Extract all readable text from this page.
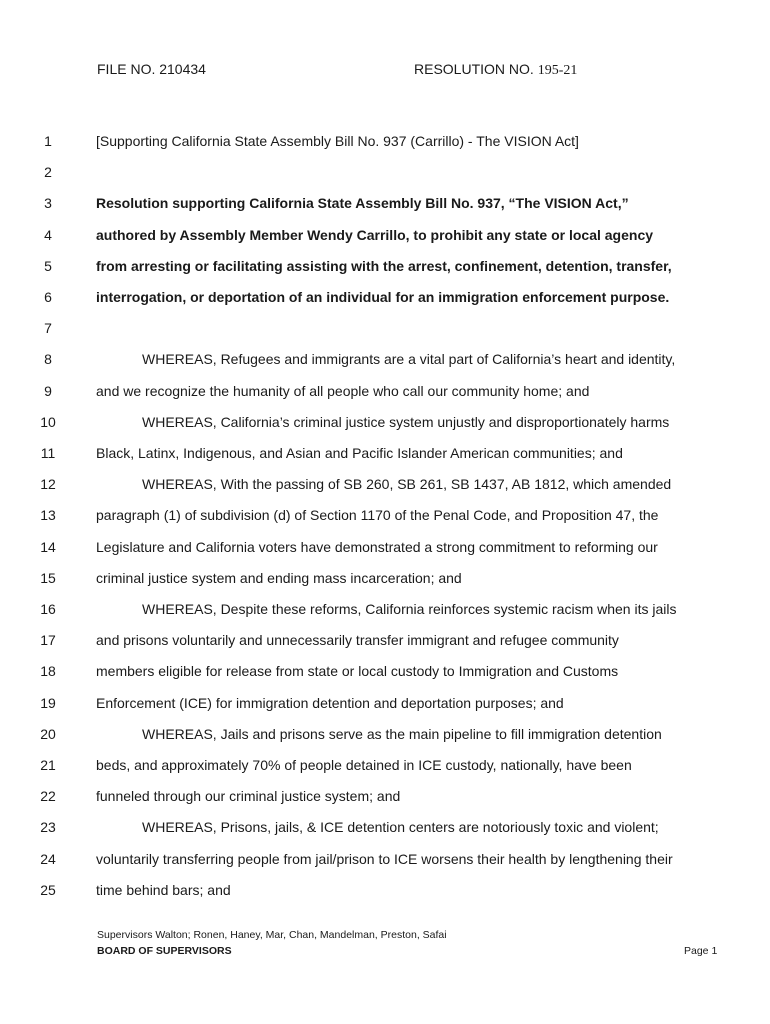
FILE NO. 210434	RESOLUTION NO. 195-21
1	[Supporting California State Assembly Bill No. 937 (Carrillo) - The VISION Act]
2
3	Resolution supporting California State Assembly Bill No. 937, “The VISION Act,”
4	authored by Assembly Member Wendy Carrillo, to prohibit any state or local agency
5	from arresting or facilitating assisting with the arrest, confinement, detention, transfer,
6	interrogation, or deportation of an individual for an immigration enforcement purpose.
7
8	WHEREAS, Refugees and immigrants are a vital part of California’s heart and identity,
9	and we recognize the humanity of all people who call our community home; and
10	WHEREAS, California’s criminal justice system unjustly and disproportionately harms
11	Black, Latinx, Indigenous, and Asian and Pacific Islander American communities; and
12	WHEREAS, With the passing of SB 260, SB 261, SB 1437, AB 1812, which amended
13	paragraph (1) of subdivision (d) of Section 1170 of the Penal Code, and Proposition 47, the
14	Legislature and California voters have demonstrated a strong commitment to reforming our
15	criminal justice system and ending mass incarceration; and
16	WHEREAS, Despite these reforms, California reinforces systemic racism when its jails
17	and prisons voluntarily and unnecessarily transfer immigrant and refugee community
18	members eligible for release from state or local custody to Immigration and Customs
19	Enforcement (ICE) for immigration detention and deportation purposes; and
20	WHEREAS, Jails and prisons serve as the main pipeline to fill immigration detention
21	beds, and approximately 70% of people detained in ICE custody, nationally, have been
22	funneled through our criminal justice system; and
23	WHEREAS, Prisons, jails, & ICE detention centers are notoriously toxic and violent;
24	voluntarily transferring people from jail/prison to ICE worsens their health by lengthening their
25	time behind bars; and
Supervisors Walton; Ronen, Haney, Mar, Chan, Mandelman, Preston, Safai
BOARD OF SUPERVISORS	Page 1
